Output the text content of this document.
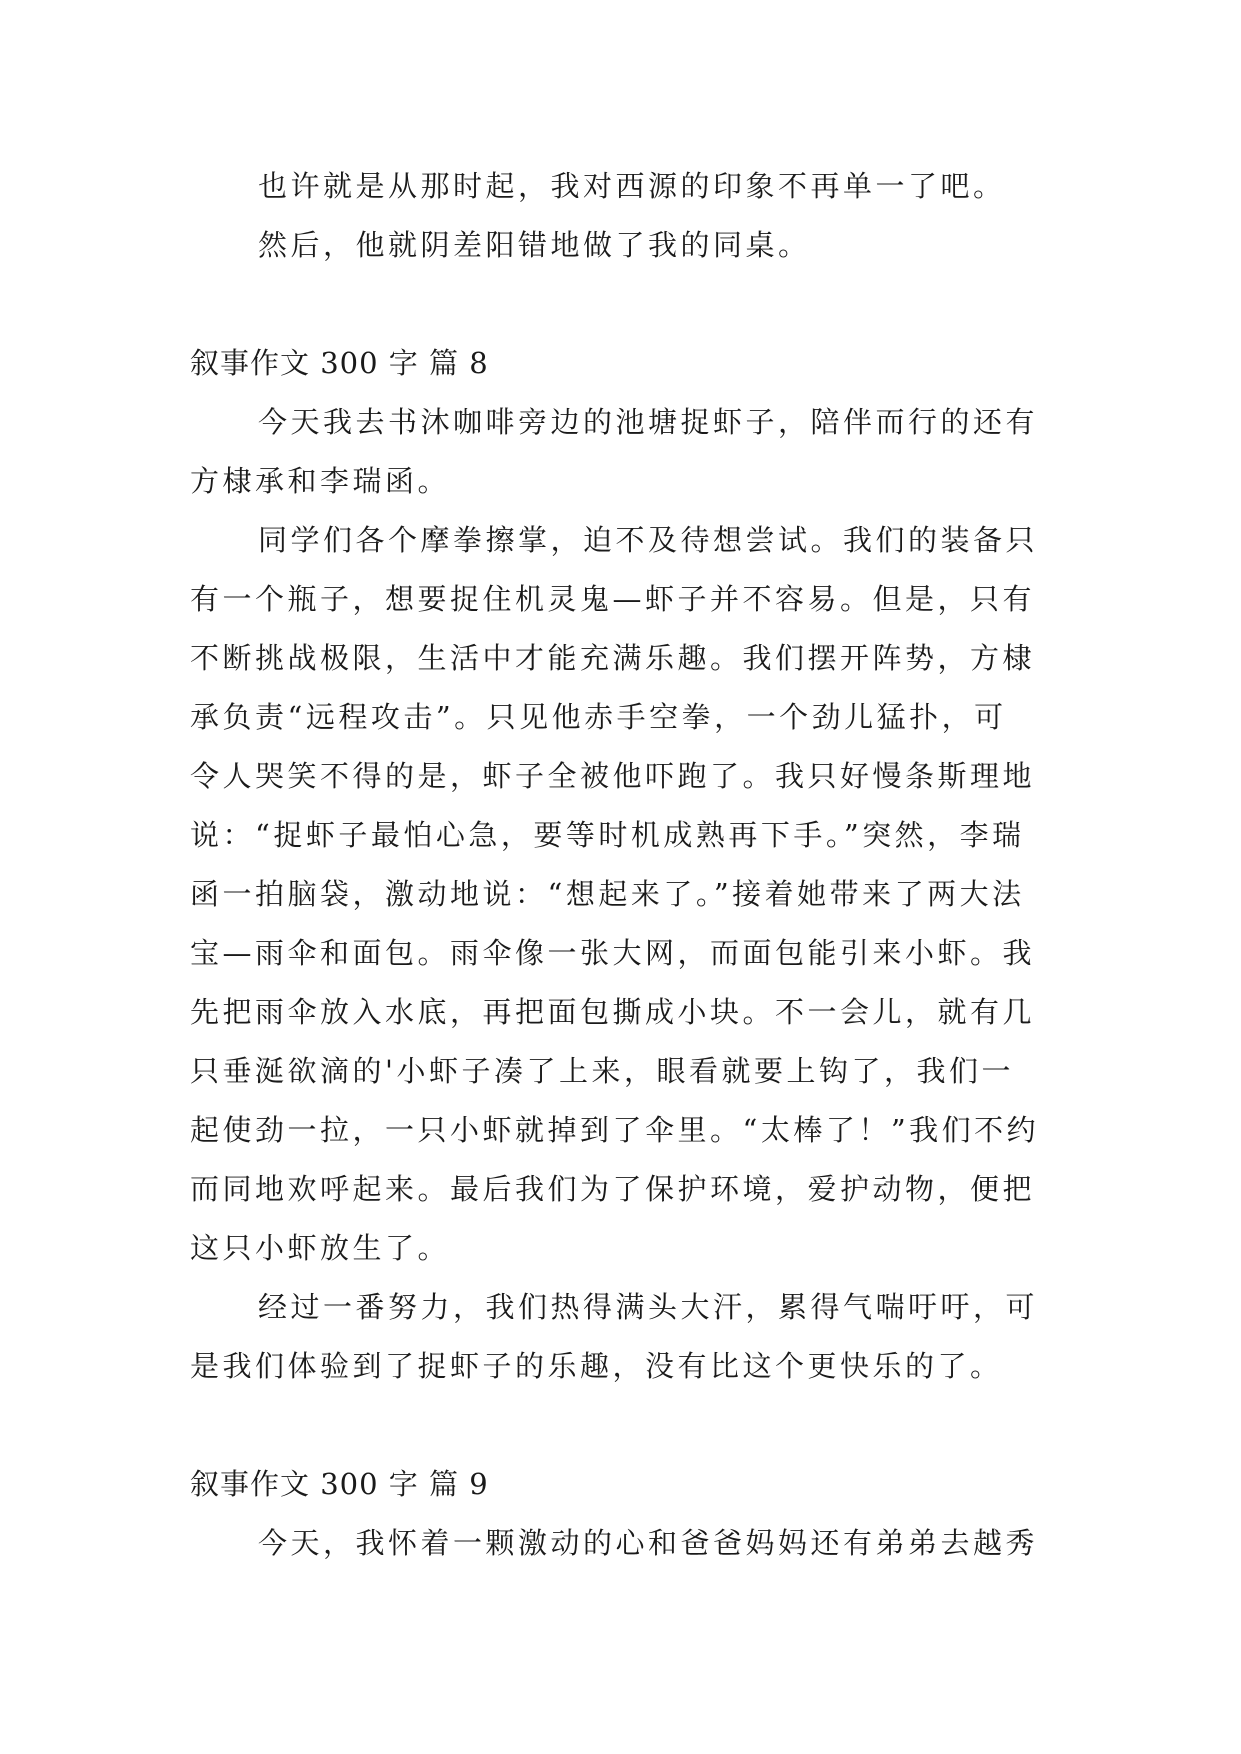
也许就是从那时起，我对西源的印象不再单一了吧。
然后，他就阴差阳错地做了我的同桌。
叙事作文 300 字 篇 8
今天我去书沐咖啡旁边的池塘捉虾子，陪伴而行的还有
方棣承和李瑞函。
同学们各个摩拳擦掌，迫不及待想尝试。我们的装备只
有一个瓶子，想要捉住机灵鬼—虾子并不容易。但是，只有
不断挑战极限，生活中才能充满乐趣。我们摆开阵势，方棣
承负责“远程攻击”。只见他赤手空拳，一个劲儿猛扑，可
令人哭笑不得的是，虾子全被他吓跑了。我只好慢条斯理地
说：“捉虾子最怕心急，要等时机成熟再下手。”突然，李瑞
函一拍脑袋，激动地说：“想起来了。”接着她带来了两大法
宝—雨伞和面包。雨伞像一张大网，而面包能引来小虾。我
先把雨伞放入水底，再把面包撕成小块。不一会儿，就有几
只垂涎欲滴的'小虾子凑了上来，眼看就要上钩了，我们一
起使劲一拉，一只小虾就掉到了伞里。“太棒了！”我们不约
而同地欢呼起来。最后我们为了保护环境，爱护动物，便把
这只小虾放生了。
经过一番努力，我们热得满头大汗，累得气喘吁吁，可
是我们体验到了捉虾子的乐趣，没有比这个更快乐的了。
叙事作文 300 字 篇 9
今天，我怀着一颗激动的心和爸爸妈妈还有弟弟去越秀
